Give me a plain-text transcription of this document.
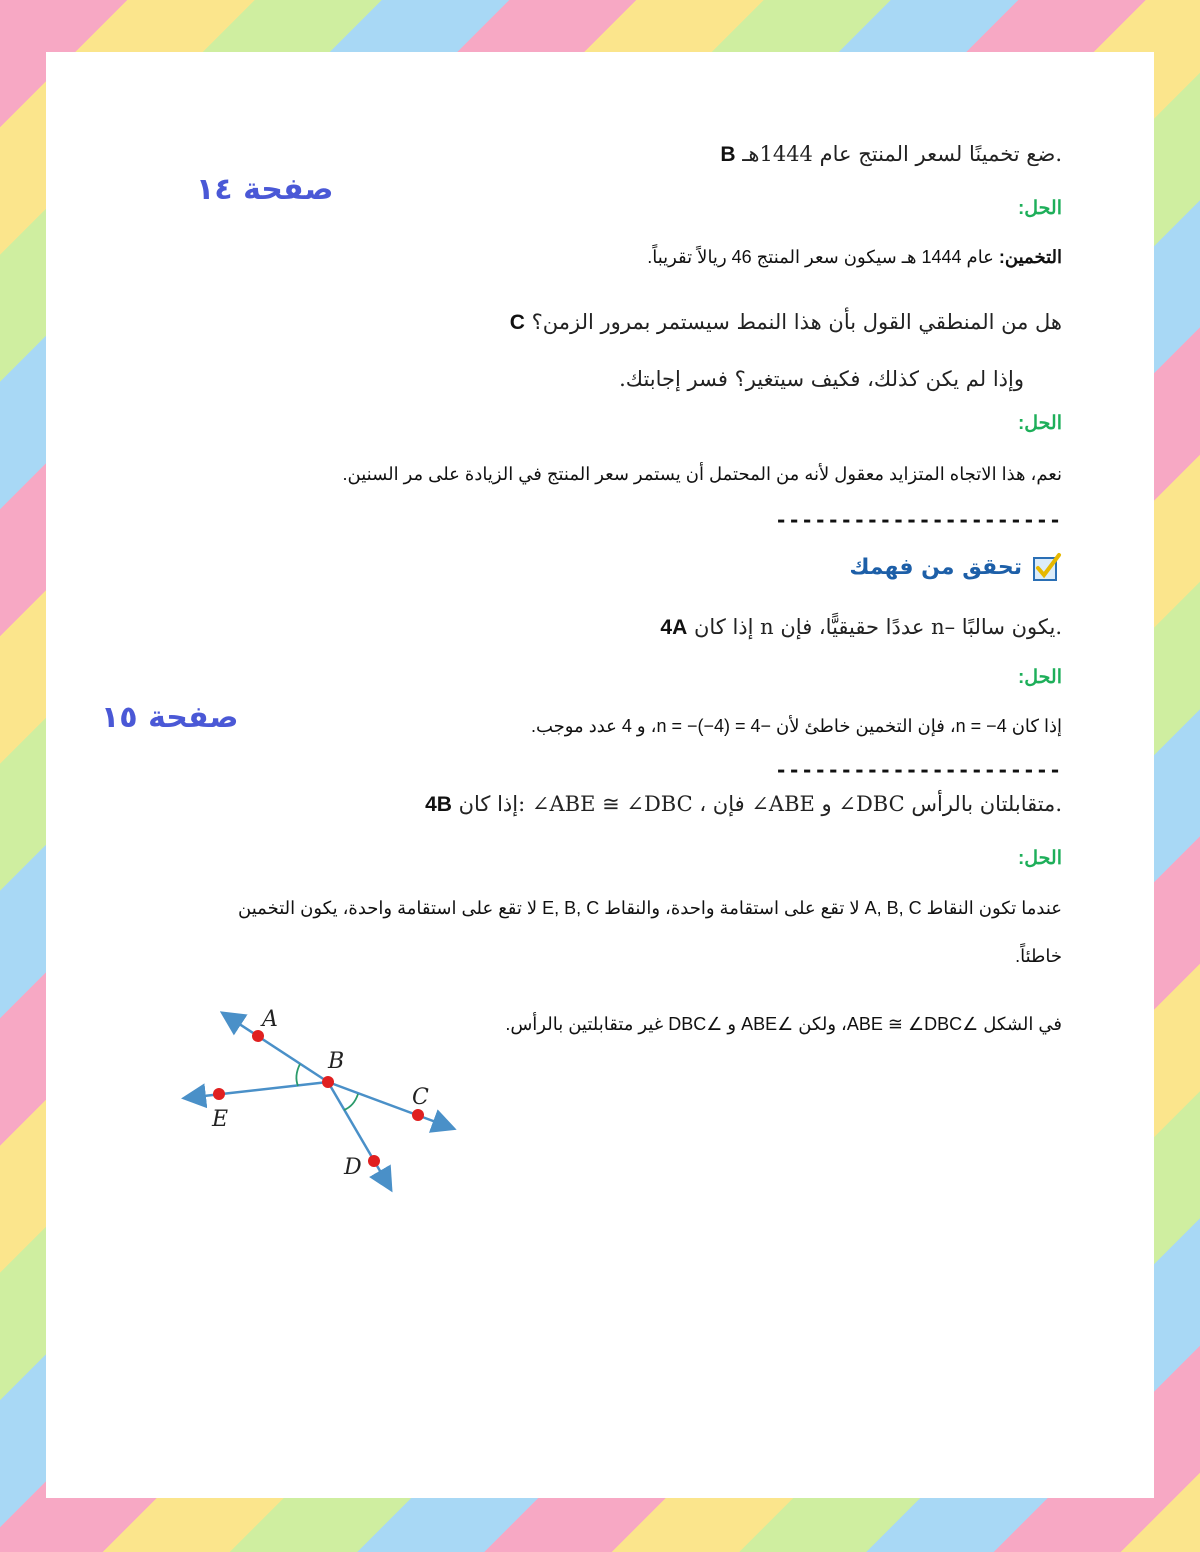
صفحة ١٤
B ضع تخمينًا لسعر المنتج عام 1444هـ.
الحل:
التخمين: عام 1444 هـ سيكون سعر المنتج 46 ريالاً تقريباً.
C هل من المنطقي القول بأن هذا النمط سيستمر بمرور الزمن؟
وإذا لم يكن كذلك، فكيف سيتغير؟ فسر إجابتك.
الحل:
نعم، هذا الاتجاه المتزايد معقول لأنه من المحتمل أن يستمر سعر المنتج في الزيادة على مر السنين.
----------------------
تحقق من فهمك
4A إذا كان n عددًا حقيقيًّا، فإن n– يكون سالبًا.
الحل:
صفحة ١٥	إذا كان n = −4، فإن التخمين خاطئ لأن −n = −(−4) = 4، و 4 عدد موجب.
----------------------
4B إذا كان: ∠ABE ≅ ∠DBC ، فإن ∠ABE و ∠DBC متقابلتان بالرأس.
الحل:
عندما تكون النقاط A, B, C لا تقع على استقامة واحدة، والنقاط E, B, C لا تقع على استقامة واحدة، يكون التخمين
خاطئاً.
في الشكل ∠ABE ≅ ∠DBC، ولكن ∠ABE و ∠DBC غير متقابلتين بالرأس.
A
B
C
D
E
